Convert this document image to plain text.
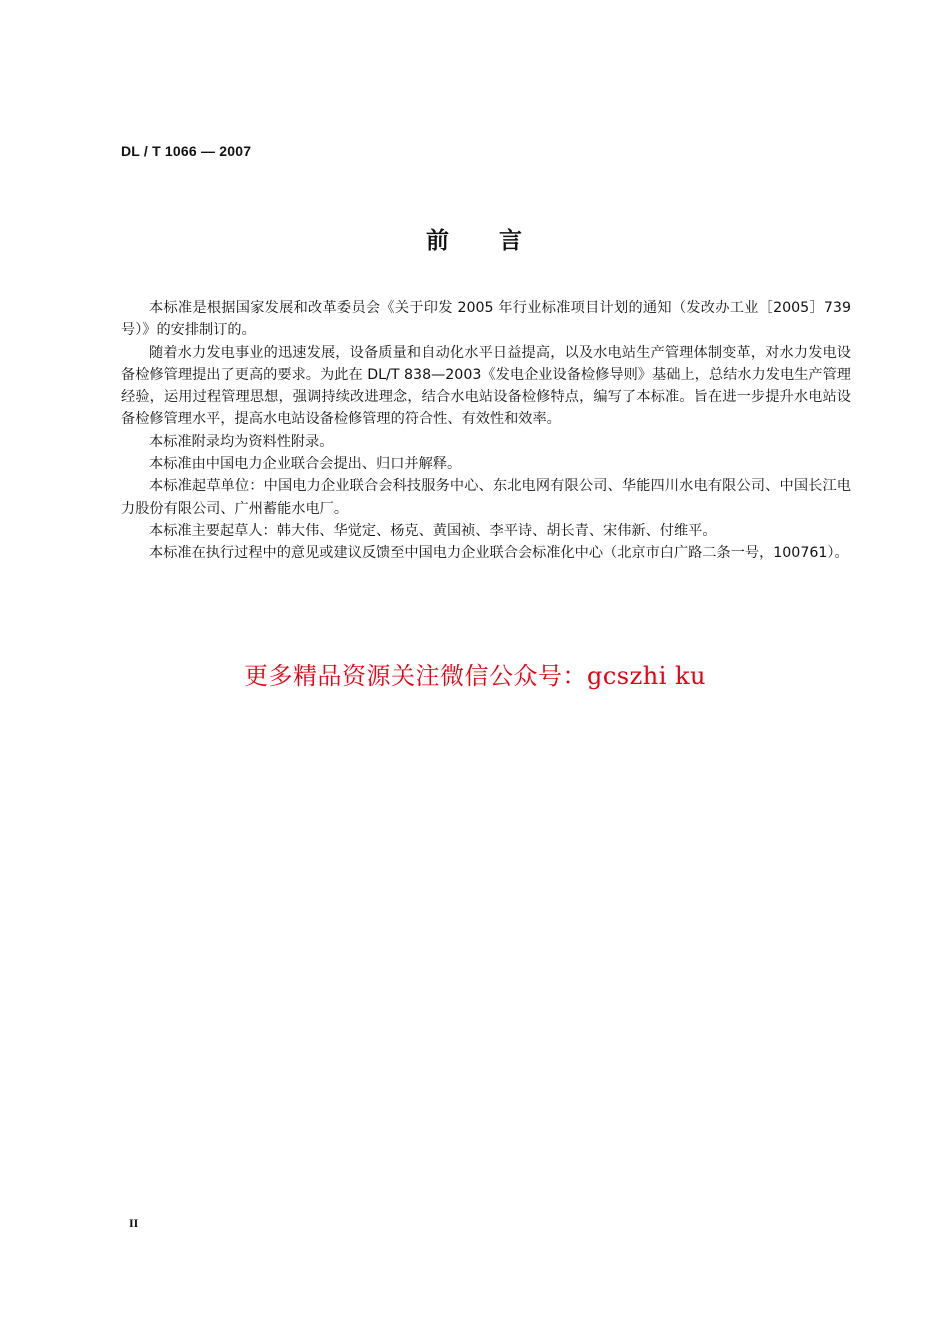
DL / T 1066 — 2007
前 言

本标准是根据国家发展和改革委员会《关于印发 2005 年行业标准项目计划的通知（发改办工业［2005］739 号）》的安排制订的。

随着水力发电事业的迅速发展，设备质量和自动化水平日益提高，以及水电站生产管理体制变革，对水力发电设备检修管理提出了更高的要求。为此在 DL/T 838—2003《发电企业设备检修导则》基础上，总结水力发电生产管理经验，运用过程管理思想，强调持续改进理念，结合水电站设备检修特点，编写了本标准。旨在进一步提升水电站设备检修管理水平，提高水电站设备检修管理的符合性、有效性和效率。

本标准附录均为资料性附录。

本标准由中国电力企业联合会提出、归口并解释。

本标准起草单位：中国电力企业联合会科技服务中心、东北电网有限公司、华能四川水电有限公司、中国长江电力股份有限公司、广州蓄能水电厂。

本标准主要起草人：韩大伟、华觉定、杨克、黄国祯、李平诗、胡长青、宋伟新、付维平。

本标准在执行过程中的意见或建议反馈至中国电力企业联合会标准化中心（北京市白广路二条一号，100761）。

更多精品资源关注微信公众号：gcszhi ku
II
